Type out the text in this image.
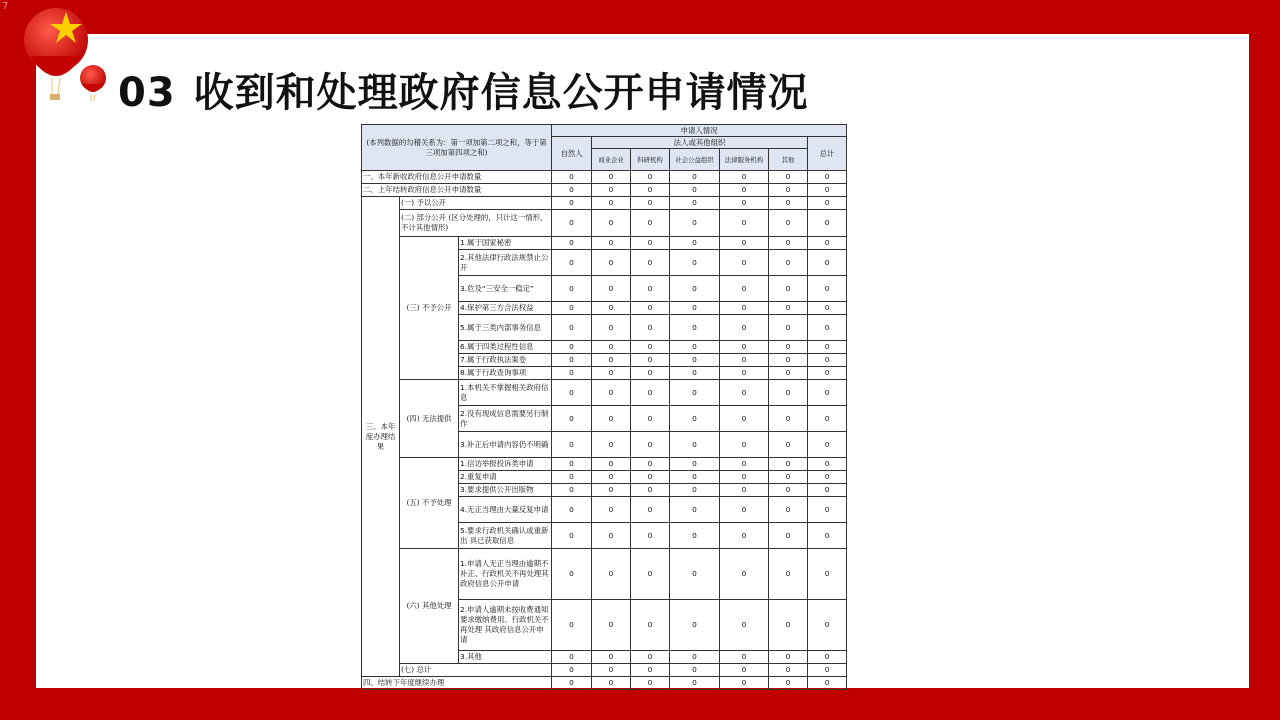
7
03 收到和处理政府信息公开申请情况
(本列数据的勾稽关系为：第一项加第二项之和，等于第三项加第四项之和)			申请人情况						
			自然人	法人或其他组织					总计
				商业企业	科研机构	社会公益组织	法律服务机构	其他	
一、本年新收政府信息公开申请数量			0	0	0	0	0	0	0
二、上年结转政府信息公开申请数量			0	0	0	0	0	0	0
三、本年度办理结果	(一) 予以公开		0	0	0	0	0	0	0
	(二) 部分公开 (区分处理的，只计这一情形，不计其他情形)		0	0	0	0	0	0	0
	(三) 不予公开	1.属于国家秘密	0	0	0	0	0	0	0
		2.其他法律行政法规禁止公开	0	0	0	0	0	0	0
		3.危及“三安全一稳定”	0	0	0	0	0	0	0
		4.保护第三方合法权益	0	0	0	0	0	0	0
		5.属于三类内部事务信息	0	0	0	0	0	0	0
		6.属于四类过程性信息	0	0	0	0	0	0	0
		7.属于行政执法案卷	0	0	0	0	0	0	0
		8.属于行政查询事项	0	0	0	0	0	0	0
	(四) 无法提供	1.本机关不掌握相关政府信息	0	0	0	0	0	0	0
		2.没有现成信息需要另行制作	0	0	0	0	0	0	0
		3.补正后申请内容仍不明确	0	0	0	0	0	0	0
	(五) 不予处理	1.信访举报投诉类申请	0	0	0	0	0	0	0
		2.重复申请	0	0	0	0	0	0	0
		3.要求提供公开出版物	0	0	0	0	0	0	0
		4.无正当理由大量反复申请	0	0	0	0	0	0	0
		5.要求行政机关确认或重新出 具已获取信息	0	0	0	0	0	0	0
	(六) 其他处理	1.申请人无正当理由逾期不补正、行政机关不再处理其政府信息公开申请	0	0	0	0	0	0	0
		2.申请人逾期未按收费通知要求缴纳费用、行政机关不再处理 其政府信息公开申请	0	0	0	0	0	0	0
		3.其他	0	0	0	0	0	0	0
	(七) 总计		0	0	0	0	0	0	0
四、结转下年度继续办理			0	0	0	0	0	0	0
